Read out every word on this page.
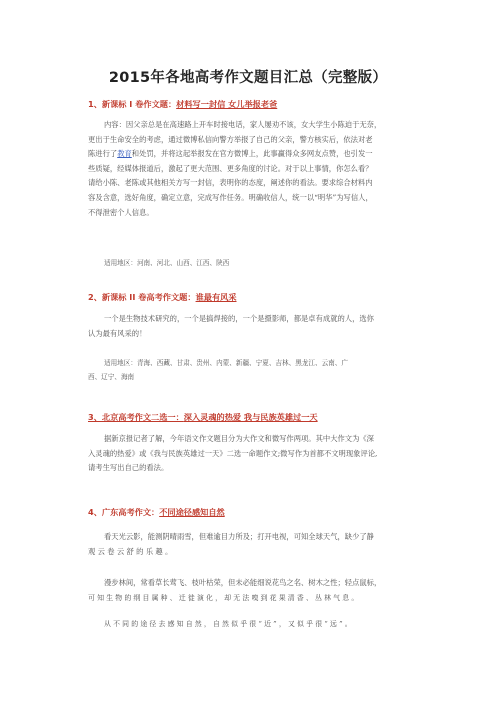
2015年各地高考作文题目汇总（完整版）
1、新课标 I 卷作文题：材料写一封信 女儿举报老爸
内容：因父亲总是在高速路上开车时接电话，家人屡劝不该，女大学生小陈迫于无奈，
更出于生命安全的考虑，通过微博私信向警方举报了自己的父亲，警方核实后，依法对老
陈进行了教育和处罚，并将这起举报发在官方微博上，此事赢得众多网友点赞，也引发一
些质疑，经媒体报道后，激起了更大范围、更多角度的讨论。对于以上事情，你怎么看？
请给小陈、老陈或其他相关方写一封信，表明你的态度，阐述你的看法。要求综合材料内
容及含意，选好角度，确定立意，完成写作任务。明确收信人，统一以“明华”为写信人，
不得泄密个人信息。
适用地区：河南、河北、山西、江西、陕西
2、新课标 II 卷高考作文题：谁最有风采
一个是生物技术研究的，一个是搞焊接的，一个是摄影师，都是卓有成就的人，选你
认为最有风采的！
适用地区：青海、西藏、甘肃、贵州、内蒙、新疆、宁夏、吉林、黑龙江、云南、广
西、辽宁、海南
3、北京高考作文二选一：深入灵魂的热爱 我与民族英雄过一天
据新京报记者了解，今年语文作文题目分为大作文和微写作两项。其中大作文为《深
入灵魂的热爱》或《我与民族英雄过一天》二选一命题作文;微写作为首都不文明现象评论,
请考生写出自己的看法。
4、广东高考作文：不同途径感知自然
看天光云影，能测阴晴雨雪，但难逾目力所及；打开电视，可知全球天气，缺少了静
观 云 卷 云 舒 的 乐 趣 。
漫步林间，常看草长莺飞、枝叶枯荣，但未必能细说花鸟之名、树木之性；轻点鼠标，
可 知 生 物 的 纲 目 属 种 、 迁 徙 演 化 ， 却 无 法 嗅 到 花 果 清 香 、 丛 林 气 息 。
从 不 同 的 途 径 去 感 知 自 然 ， 自 然 似 乎 很 “ 近 ” ， 又 似 乎 很 “ 远 ” 。
